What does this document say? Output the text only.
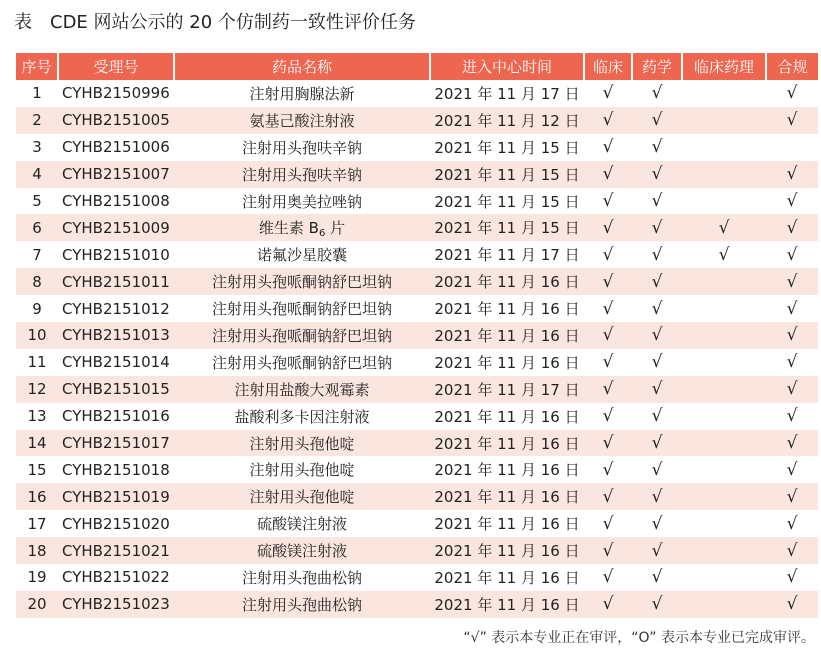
表 CDE 网站公示的 20 个仿制药一致性评价任务
序号	受理号	药品名称	进入中心时间	临床	药学	临床药理	合规
1	CYHB2150996	注射用胸腺法新	2021 年 11 月 17 日	√	√		√
2	CYHB2151005	氨基己酸注射液	2021 年 11 月 12 日	√	√		√
3	CYHB2151006	注射用头孢呋辛钠	2021 年 11 月 15 日	√	√		
4	CYHB2151007	注射用头孢呋辛钠	2021 年 11 月 15 日	√	√		√
5	CYHB2151008	注射用奥美拉唑钠	2021 年 11 月 15 日	√	√		√
6	CYHB2151009	维生素 $B_6$ 片	2021 年 11 月 15 日	√	√	√	√
7	CYHB2151010	诺氟沙星胶囊	2021 年 11 月 17 日	√	√	√	√
8	CYHB2151011	注射用头孢哌酮钠舒巴坦钠	2021 年 11 月 16 日	√	√		√
9	CYHB2151012	注射用头孢哌酮钠舒巴坦钠	2021 年 11 月 16 日	√	√		√
10	CYHB2151013	注射用头孢哌酮钠舒巴坦钠	2021 年 11 月 16 日	√	√		√
11	CYHB2151014	注射用头孢哌酮钠舒巴坦钠	2021 年 11 月 16 日	√	√		√
12	CYHB2151015	注射用盐酸大观霉素	2021 年 11 月 17 日	√	√		√
13	CYHB2151016	盐酸利多卡因注射液	2021 年 11 月 16 日	√	√		√
14	CYHB2151017	注射用头孢他啶	2021 年 11 月 16 日	√	√		√
15	CYHB2151018	注射用头孢他啶	2021 年 11 月 16 日	√	√		√
16	CYHB2151019	注射用头孢他啶	2021 年 11 月 16 日	√	√		√
17	CYHB2151020	硫酸镁注射液	2021 年 11 月 16 日	√	√		√
18	CYHB2151021	硫酸镁注射液	2021 年 11 月 16 日	√	√		√
19	CYHB2151022	注射用头孢曲松钠	2021 年 11 月 16 日	√	√		√
20	CYHB2151023	注射用头孢曲松钠	2021 年 11 月 16 日	√	√		√
“√” 表示本专业正在审评，“O” 表示本专业已完成审评。
